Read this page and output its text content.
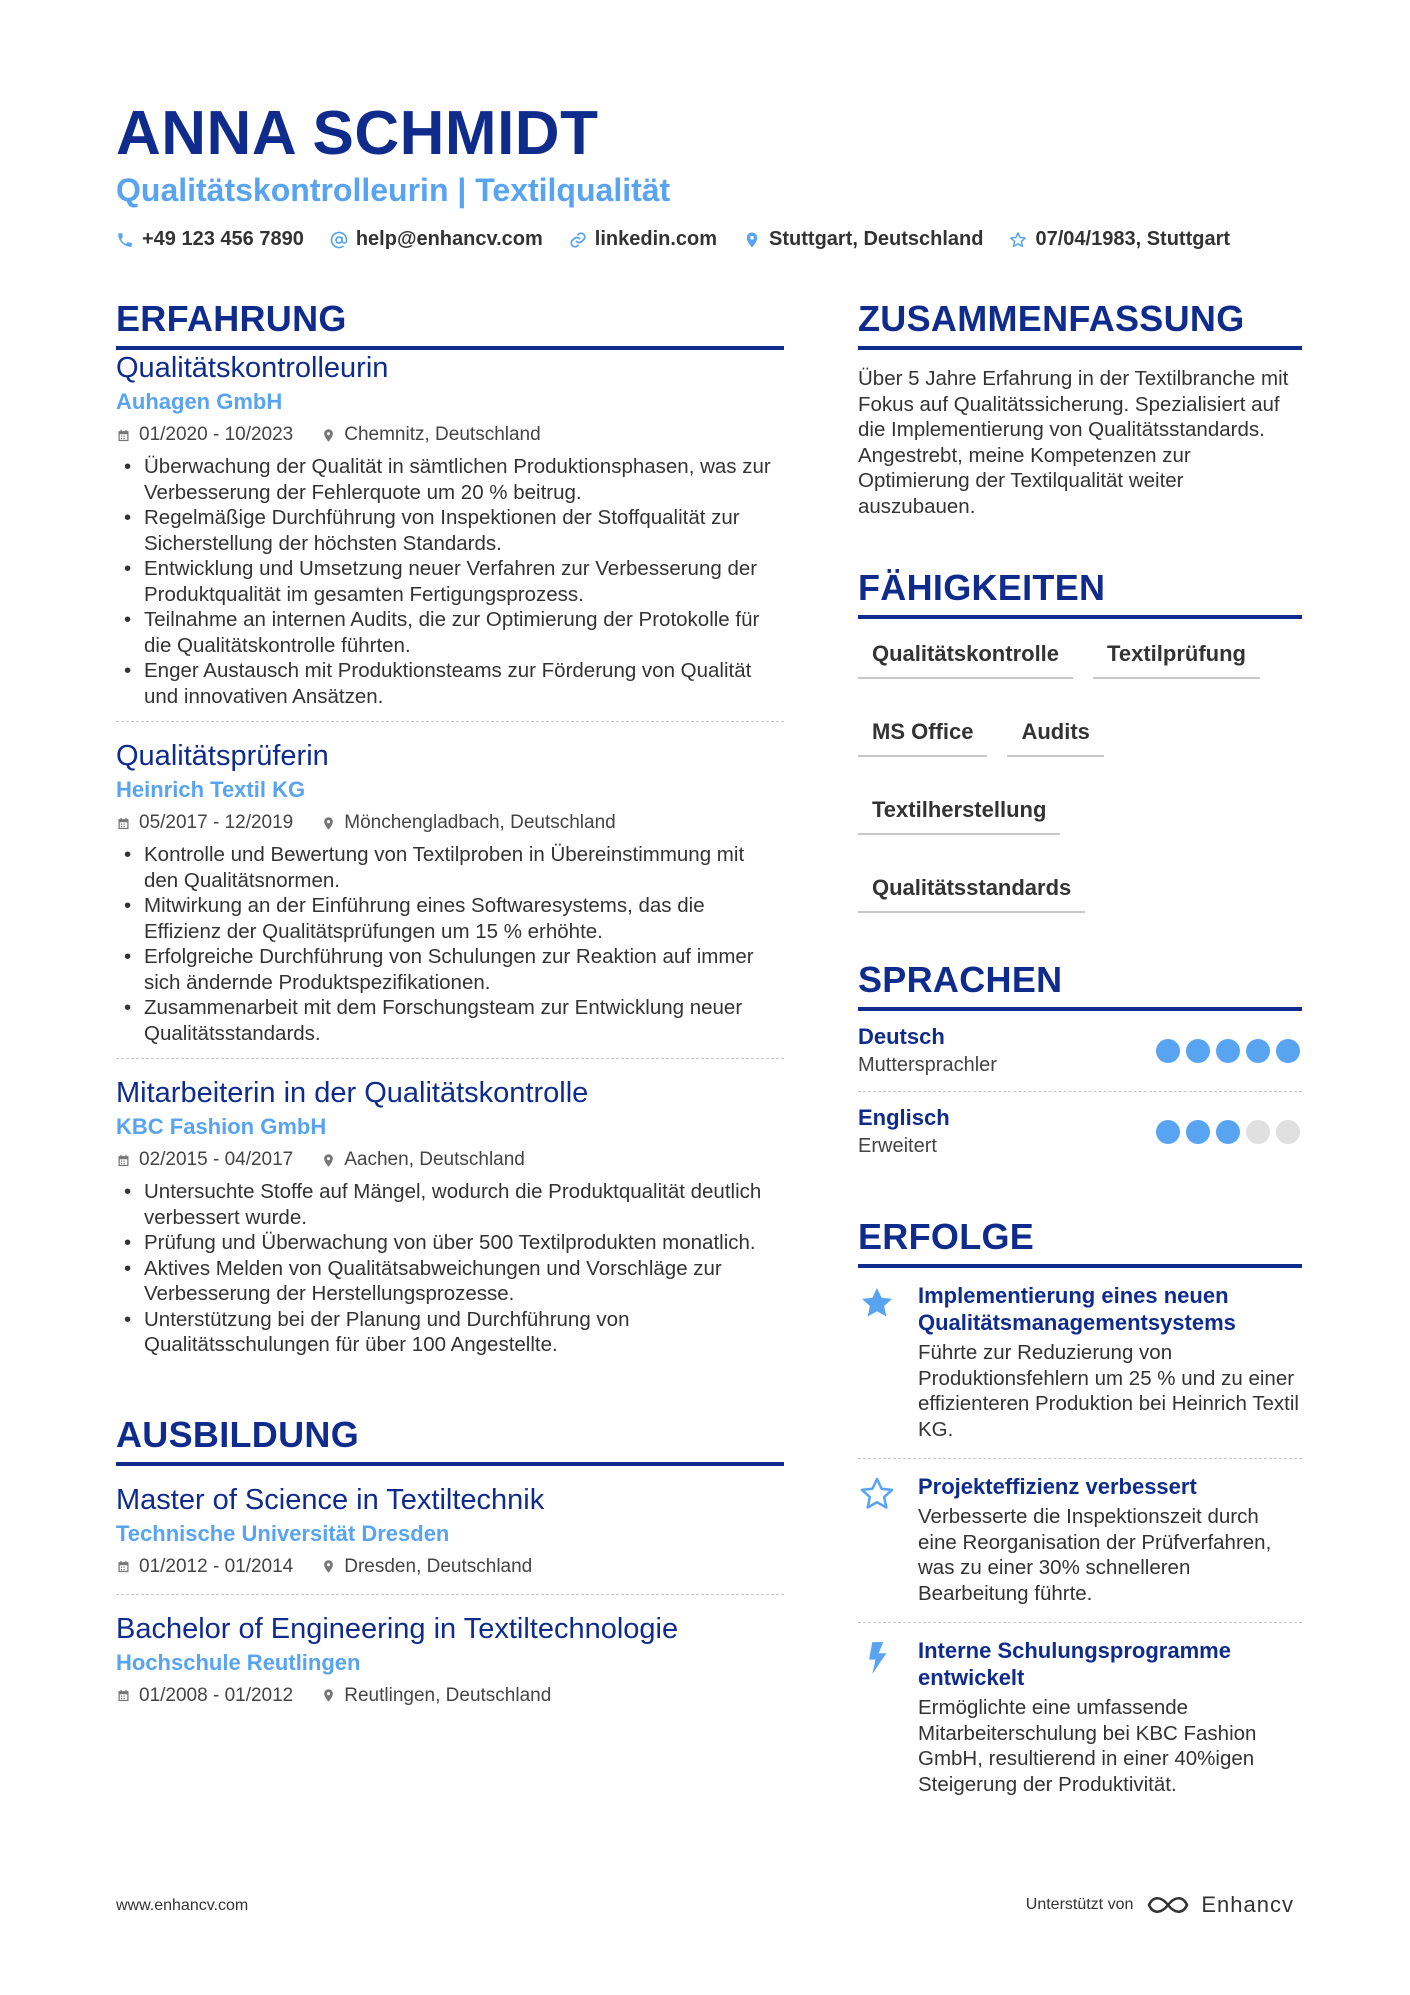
ANNA SCHMIDT
Qualitätskontrolleurin | Textilqualität
+49 123 456 7890	help@enhancv.com	linkedin.com	Stuttgart, Deutschland	07/04/1983, Stuttgart
ERFAHRUNG
Qualitätskontrolleurin
Auhagen GmbH
01/2020 - 10/2023	Chemnitz, Deutschland
• Überwachung der Qualität in sämtlichen Produktionsphasen, was zur Verbesserung der Fehlerquote um 20 % beitrug.
• Regelmäßige Durchführung von Inspektionen der Stoffqualität zur Sicherstellung der höchsten Standards.
• Entwicklung und Umsetzung neuer Verfahren zur Verbesserung der Produktqualität im gesamten Fertigungsprozess.
• Teilnahme an internen Audits, die zur Optimierung der Protokolle für die Qualitätskontrolle führten.
• Enger Austausch mit Produktionsteams zur Förderung von Qualität und innovativen Ansätzen.
Qualitätsprüferin
Heinrich Textil KG
05/2017 - 12/2019	Mönchengladbach, Deutschland
• Kontrolle und Bewertung von Textilproben in Übereinstimmung mit den Qualitätsnormen.
• Mitwirkung an der Einführung eines Softwaresystems, das die Effizienz der Qualitätsprüfungen um 15 % erhöhte.
• Erfolgreiche Durchführung von Schulungen zur Reaktion auf immer sich ändernde Produktspezifikationen.
• Zusammenarbeit mit dem Forschungsteam zur Entwicklung neuer Qualitätsstandards.
Mitarbeiterin in der Qualitätskontrolle
KBC Fashion GmbH
02/2015 - 04/2017	Aachen, Deutschland
• Untersuchte Stoffe auf Mängel, wodurch die Produktqualität deutlich verbessert wurde.
• Prüfung und Überwachung von über 500 Textilprodukten monatlich.
• Aktives Melden von Qualitätsabweichungen und Vorschläge zur Verbesserung der Herstellungsprozesse.
• Unterstützung bei der Planung und Durchführung von Qualitätsschulungen für über 100 Angestellte.
AUSBILDUNG
Master of Science in Textiltechnik
Technische Universität Dresden
01/2012 - 01/2014	Dresden, Deutschland
Bachelor of Engineering in Textiltechnologie
Hochschule Reutlingen
01/2008 - 01/2012	Reutlingen, Deutschland
ZUSAMMENFASSUNG
Über 5 Jahre Erfahrung in der Textilbranche mit Fokus auf Qualitätssicherung. Spezialisiert auf die Implementierung von Qualitätsstandards. Angestrebt, meine Kompetenzen zur Optimierung der Textilqualität weiter auszubauen.
FÄHIGKEITEN
Qualitätskontrolle	Textilprüfung
MS Office	Audits
Textilherstellung
Qualitätsstandards
SPRACHEN
Deutsch
Muttersprachler
Englisch
Erweitert
ERFOLGE
Implementierung eines neuen Qualitätsmanagementsystems
Führte zur Reduzierung von Produktionsfehlern um 25 % und zu einer effizienteren Produktion bei Heinrich Textil KG.
Projekteffizienz verbessert
Verbesserte die Inspektionszeit durch eine Reorganisation der Prüfverfahren, was zu einer 30% schnelleren Bearbeitung führte.
Interne Schulungsprogramme entwickelt
Ermöglichte eine umfassende Mitarbeiterschulung bei KBC Fashion GmbH, resultierend in einer 40%igen Steigerung der Produktivität.
www.enhancv.com	Unterstützt von	Enhancv
